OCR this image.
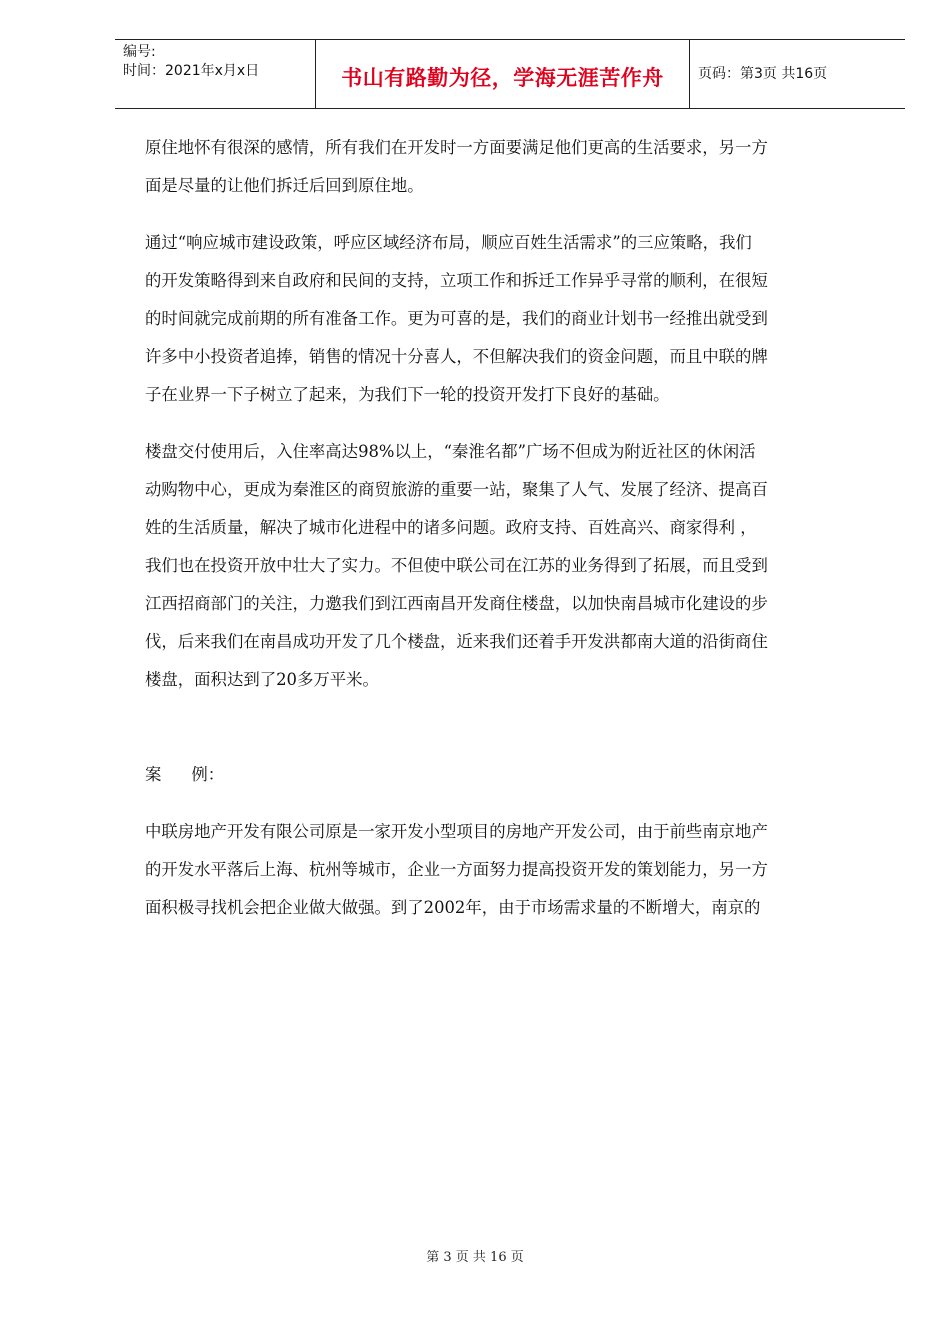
编号:
时间：2021年x月x日	书山有路勤为径，学海无涯苦作舟	页码：第3页 共16页
原住地怀有很深的感情，所有我们在开发时一方面要满足他们更高的生活要求，另一方
面是尽量的让他们拆迁后回到原住地。
通过“响应城市建设政策，呼应区域经济布局，顺应百姓生活需求”的三应策略，我们
的开发策略得到来自政府和民间的支持，立项工作和拆迁工作异乎寻常的顺利，在很短
的时间就完成前期的所有准备工作。更为可喜的是，我们的商业计划书一经推出就受到
许多中小投资者追捧，销售的情况十分喜人，不但解决我们的资金问题，而且中联的牌
子在业界一下子树立了起来，为我们下一轮的投资开发打下良好的基础。
楼盘交付使用后，入住率高达98%以上，“秦淮名都”广场不但成为附近社区的休闲活
动购物中心，更成为秦淮区的商贸旅游的重要一站，聚集了人气、发展了经济、提高百
姓的生活质量，解决了城市化进程中的诸多问题。政府支持、百姓高兴、商家得利 ，
我们也在投资开放中壮大了实力。不但使中联公司在江苏的业务得到了拓展，而且受到
江西招商部门的关注，力邀我们到江西南昌开发商住楼盘，以加快南昌城市化建设的步
伐，后来我们在南昌成功开发了几个楼盘，近来我们还着手开发洪都南大道的沿街商住
楼盘，面积达到了20多万平米。
案 例：
中联房地产开发有限公司原是一家开发小型项目的房地产开发公司，由于前些南京地产
的开发水平落后上海、杭州等城市，企业一方面努力提高投资开发的策划能力，另一方
面积极寻找机会把企业做大做强。到了2002年，由于市场需求量的不断增大，南京的
第 3 页 共 16 页
